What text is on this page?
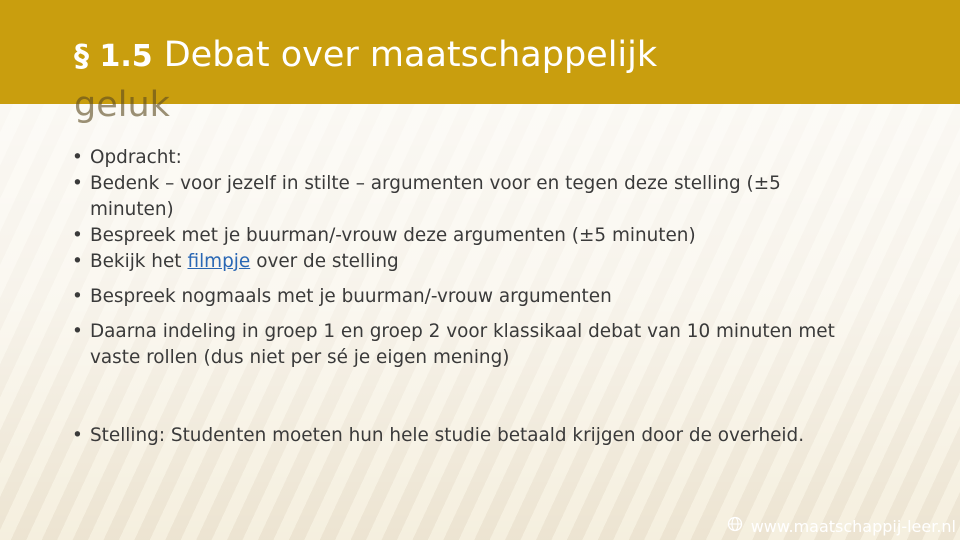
§ 1.5 Debat over maatschappelijk
geluk
• Opdracht:
• Bedenk – voor jezelf in stilte – argumenten voor en tegen deze stelling (±5 minuten)
• Bespreek met je buurman/-vrouw deze argumenten (±5 minuten)
• Bekijk het filmpje over de stelling
• Bespreek nogmaals met je buurman/-vrouw argumenten
• Daarna indeling in groep 1 en groep 2 voor klassikaal debat van 10 minuten met vaste rollen (dus niet per sé je eigen mening)
• Stelling: Studenten moeten hun hele studie betaald krijgen door de overheid.
www.maatschappij-leer.nl
